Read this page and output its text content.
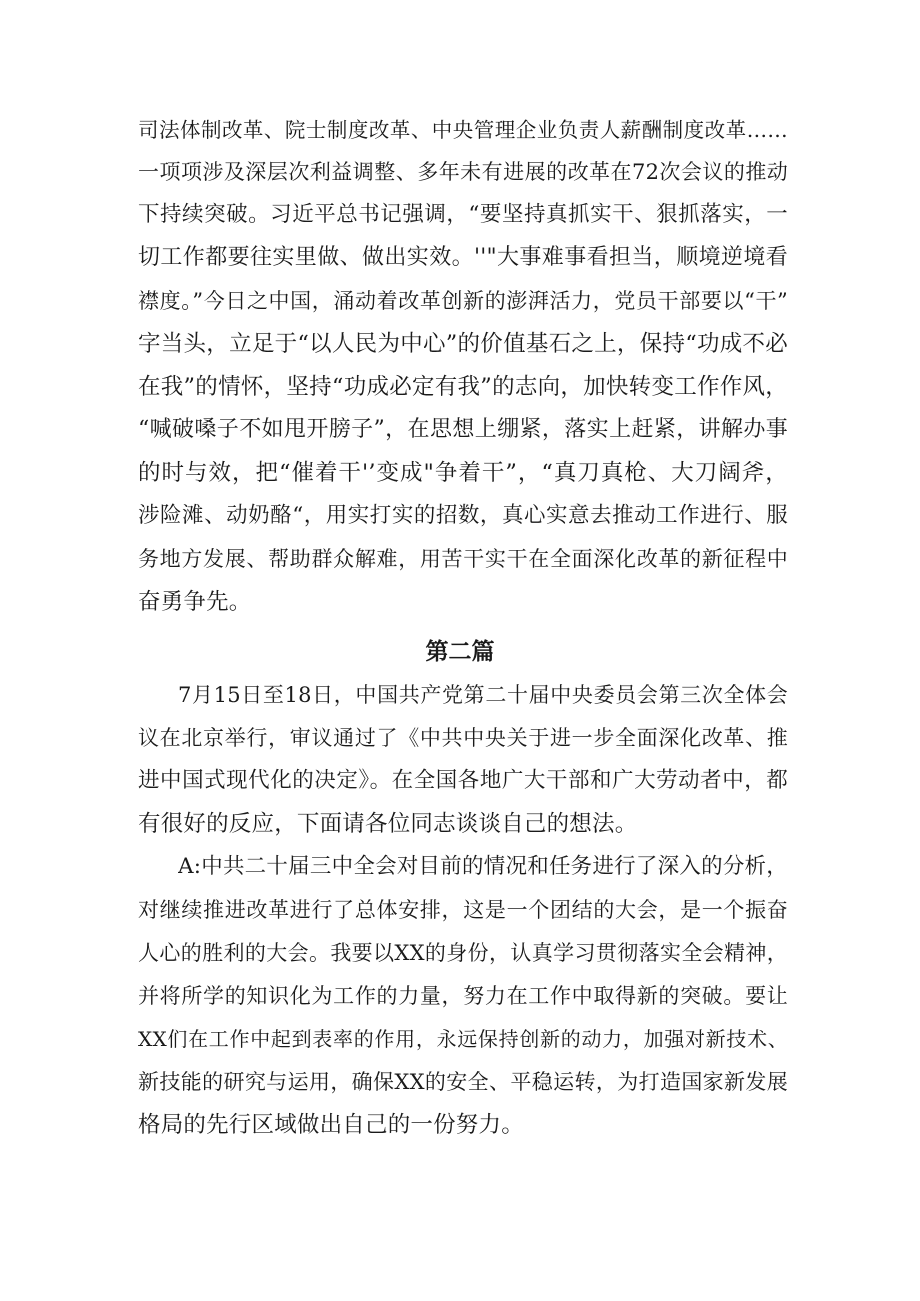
司法体制改革、院士制度改革、中央管理企业负责人薪酬制度改革……
一项项涉及深层次利益调整、多年未有进展的改革在72次会议的推动
下持续突破。习近平总书记强调，“要坚持真抓实干、狠抓落实，一
切工作都要往实里做、做出实效。''"大事难事看担当，顺境逆境看
襟度。”今日之中国，涌动着改革创新的澎湃活力，党员干部要以“干”
字当头，立足于“以人民为中心”的价值基石之上，保持“功成不必
在我”的情怀，坚持“功成必定有我”的志向，加快转变工作作风，
“喊破嗓子不如甩开膀子”，在思想上绷紧，落实上赶紧，讲解办事
的时与效，把“催着干'’变成"争着干”，“真刀真枪、大刀阔斧，
涉险滩、动奶酪“，用实打实的招数，真心实意去推动工作进行、服
务地方发展、帮助群众解难，用苦干实干在全面深化改革的新征程中
奋勇争先。
第二篇
7月15日至18日，中国共产党第二十届中央委员会第三次全体会
议在北京举行，审议通过了《中共中央关于进一步全面深化改革、推
进中国式现代化的决定》。在全国各地广大干部和广大劳动者中，都
有很好的反应，下面请各位同志谈谈自己的想法。
A:中共二十届三中全会对目前的情况和任务进行了深入的分析，
对继续推进改革进行了总体安排，这是一个团结的大会，是一个振奋
人心的胜利的大会。我要以XX的身份，认真学习贯彻落实全会精神，
并将所学的知识化为工作的力量，努力在工作中取得新的突破。要让
XX们在工作中起到表率的作用，永远保持创新的动力，加强对新技术、
新技能的研究与运用，确保XX的安全、平稳运转，为打造国家新发展
格局的先行区域做出自己的一份努力。
